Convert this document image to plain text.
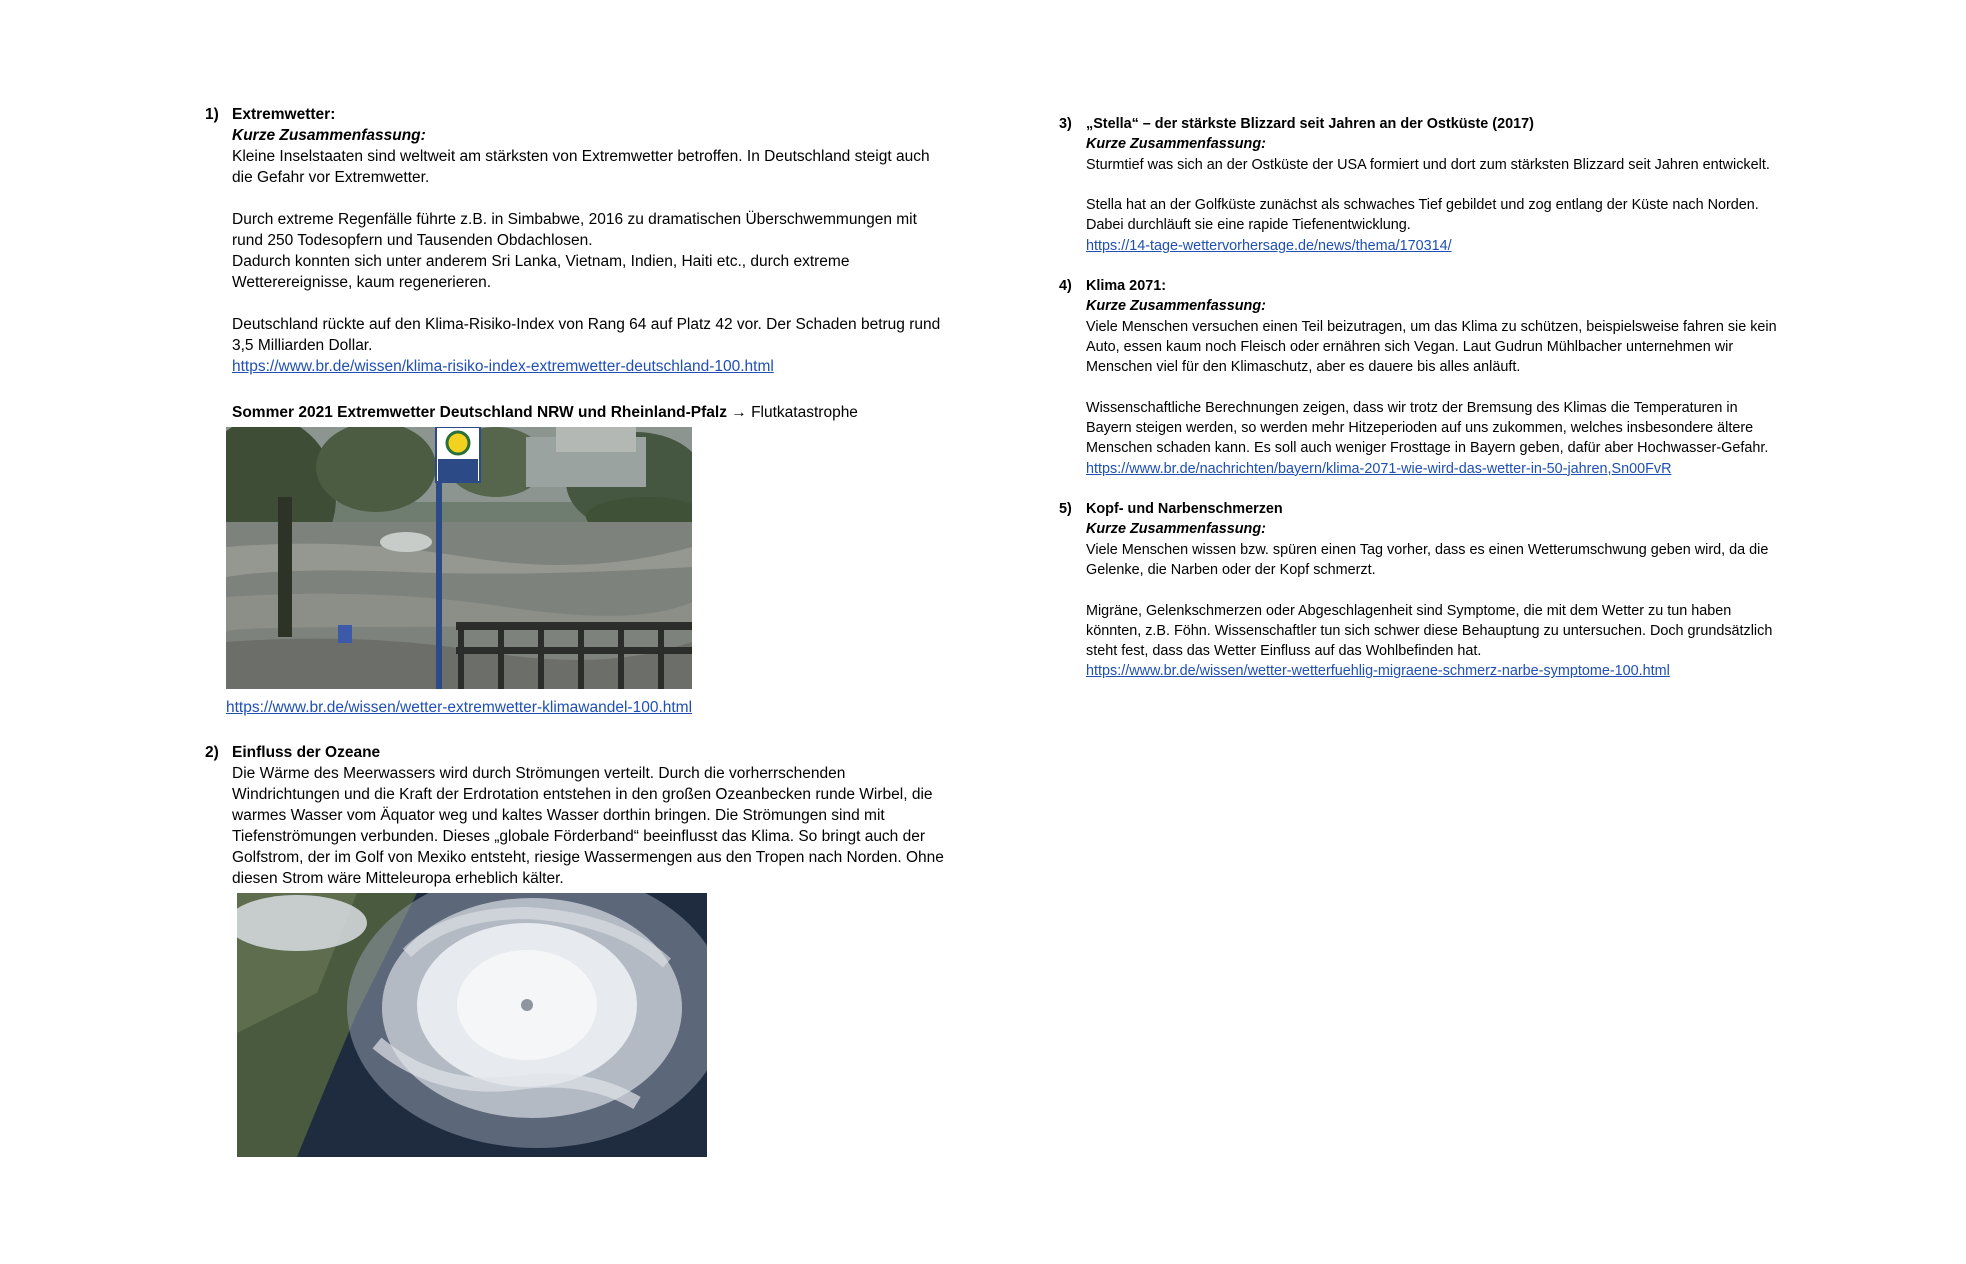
1) Extremwetter:
Kurze Zusammenfassung:

Kleine Inselstaaten sind weltweit am stärksten von Extremwetter betroffen. In Deutschland steigt auch die Gefahr vor Extremwetter.

Durch extreme Regenfälle führte z.B. in Simbabwe, 2016 zu dramatischen Überschwemmungen mit rund 250 Todesopfern und Tausenden Obdachlosen.

Dadurch konnten sich unter anderem Sri Lanka, Vietnam, Indien, Haiti etc., durch extreme Wetterereignisse, kaum regenerieren.

Deutschland rückte auf den Klima-Risiko-Index von Rang 64 auf Platz 42 vor. Der Schaden betrug rund 3,5 Milliarden Dollar.

https://www.br.de/wissen/klima-risiko-index-extremwetter-deutschland-100.html
Sommer 2021 Extremwetter Deutschland NRW und Rheinland-Pfalz → Flutkatastrophe
https://www.br.de/wissen/wetter-extremwetter-klimawandel-100.html
2) Einfluss der Ozeane

Die Wärme des Meerwassers wird durch Strömungen verteilt. Durch die vorherrschenden Windrichtungen und die Kraft der Erdrotation entstehen in den großen Ozeanbecken runde Wirbel, die warmes Wasser vom Äquator weg und kaltes Wasser dorthin bringen. Die Strömungen sind mit Tiefenströmungen verbunden. Dieses „globale Förderband“ beeinflusst das Klima. So bringt auch der Golfstrom, der im Golf von Mexiko entsteht, riesige Wassermengen aus den Tropen nach Norden. Ohne diesen Strom wäre Mitteleuropa erheblich kälter.

3) „Stella“ – der stärkste Blizzard seit Jahren an der Ostküste (2017)
Kurze Zusammenfassung:

Sturmtief was sich an der Ostküste der USA formiert und dort zum stärksten Blizzard seit Jahren entwickelt.

Stella hat an der Golfküste zunächst als schwaches Tief gebildet und zog entlang der Küste nach Norden. Dabei durchläuft sie eine rapide Tiefenentwicklung.

https://14-tage-wettervorhersage.de/news/thema/170314/
4) Klima 2071:
Kurze Zusammenfassung:

Viele Menschen versuchen einen Teil beizutragen, um das Klima zu schützen, beispielsweise fahren sie kein Auto, essen kaum noch Fleisch oder ernähren sich Vegan. Laut Gudrun Mühlbacher unternehmen wir Menschen viel für den Klimaschutz, aber es dauere bis alles anläuft.

Wissenschaftliche Berechnungen zeigen, dass wir trotz der Bremsung des Klimas die Temperaturen in Bayern steigen werden, so werden mehr Hitzeperioden auf uns zukommen, welches insbesondere ältere Menschen schaden kann. Es soll auch weniger Frosttage in Bayern geben, dafür aber Hochwasser-Gefahr.

https://www.br.de/nachrichten/bayern/klima-2071-wie-wird-das-wetter-in-50-jahren,Sn00FvR
5) Kopf- und Narbenschmerzen
Kurze Zusammenfassung:

Viele Menschen wissen bzw. spüren einen Tag vorher, dass es einen Wetterumschwung geben wird, da die Gelenke, die Narben oder der Kopf schmerzt.

Migräne, Gelenkschmerzen oder Abgeschlagenheit sind Symptome, die mit dem Wetter zu tun haben könnten, z.B. Föhn. Wissenschaftler tun sich schwer diese Behauptung zu untersuchen. Doch grundsätzlich steht fest, dass das Wetter Einfluss auf das Wohlbefinden hat.

https://www.br.de/wissen/wetter-wetterfuehlig-migraene-schmerz-narbe-symptome-100.html
